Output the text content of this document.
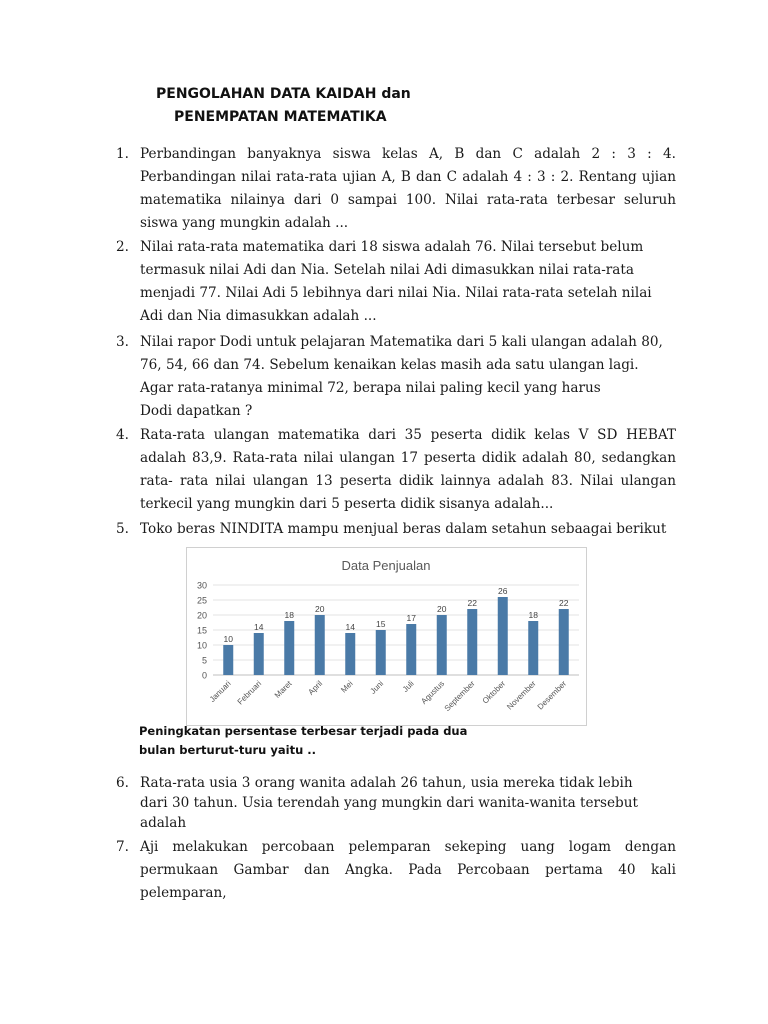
PENGOLAHAN DATA KAIDAH dan
PENEMPATAN MATEMATIKA
1. Perbandingan banyaknya siswa kelas A, B dan C adalah 2 : 3 : 4.
Perbandingan nilai rata-rata ujian A, B dan C adalah 4 : 3 : 2. Rentang ujian
matematika nilainya dari 0 sampai 100. Nilai rata-rata terbesar seluruh
siswa yang mungkin adalah ...
2. Nilai rata-rata matematika dari 18 siswa adalah 76. Nilai tersebut belum
termasuk nilai Adi dan Nia. Setelah nilai Adi dimasukkan nilai rata-rata
menjadi 77. Nilai Adi 5 lebihnya dari nilai Nia. Nilai rata-rata setelah nilai
Adi dan Nia dimasukkan adalah ...
3. Nilai rapor Dodi untuk pelajaran Matematika dari 5 kali ulangan adalah 80,
76, 54, 66 dan 74. Sebelum kenaikan kelas masih ada satu ulangan lagi.
Agar rata-ratanya minimal 72, berapa nilai paling kecil yang harus
Dodi dapatkan ?
4. Rata-rata ulangan matematika dari 35 peserta didik kelas V SD HEBAT
adalah 83,9. Rata-rata nilai ulangan 17 peserta didik adalah 80, sedangkan
rata- rata nilai ulangan 13 peserta didik lainnya adalah 83. Nilai ulangan
terkecil yang mungkin dari 5 peserta didik sisanya adalah...
5. Toko beras NINDITA mampu menjual beras dalam setahun sebaagai berikut
Data Penjualan
0
5
10
15
20
25
30
10
14
18
20
14 15
17
20
22
26
18
22
Januari Februari Maret April Mei Juni Juli Agustus
September Oktober
November
Desember
Peningkatan persentase terbesar terjadi pada dua
bulan berturut-turu yaitu ..
6. Rata-rata usia 3 orang wanita adalah 26 tahun, usia mereka tidak lebih
dari 30 tahun. Usia terendah yang mungkin dari wanita-wanita tersebut
adalah
7. Aji melakukan percobaan pelemparan sekeping uang logam dengan
permukaan Gambar dan Angka. Pada Percobaan pertama 40 kali pelemparan,
